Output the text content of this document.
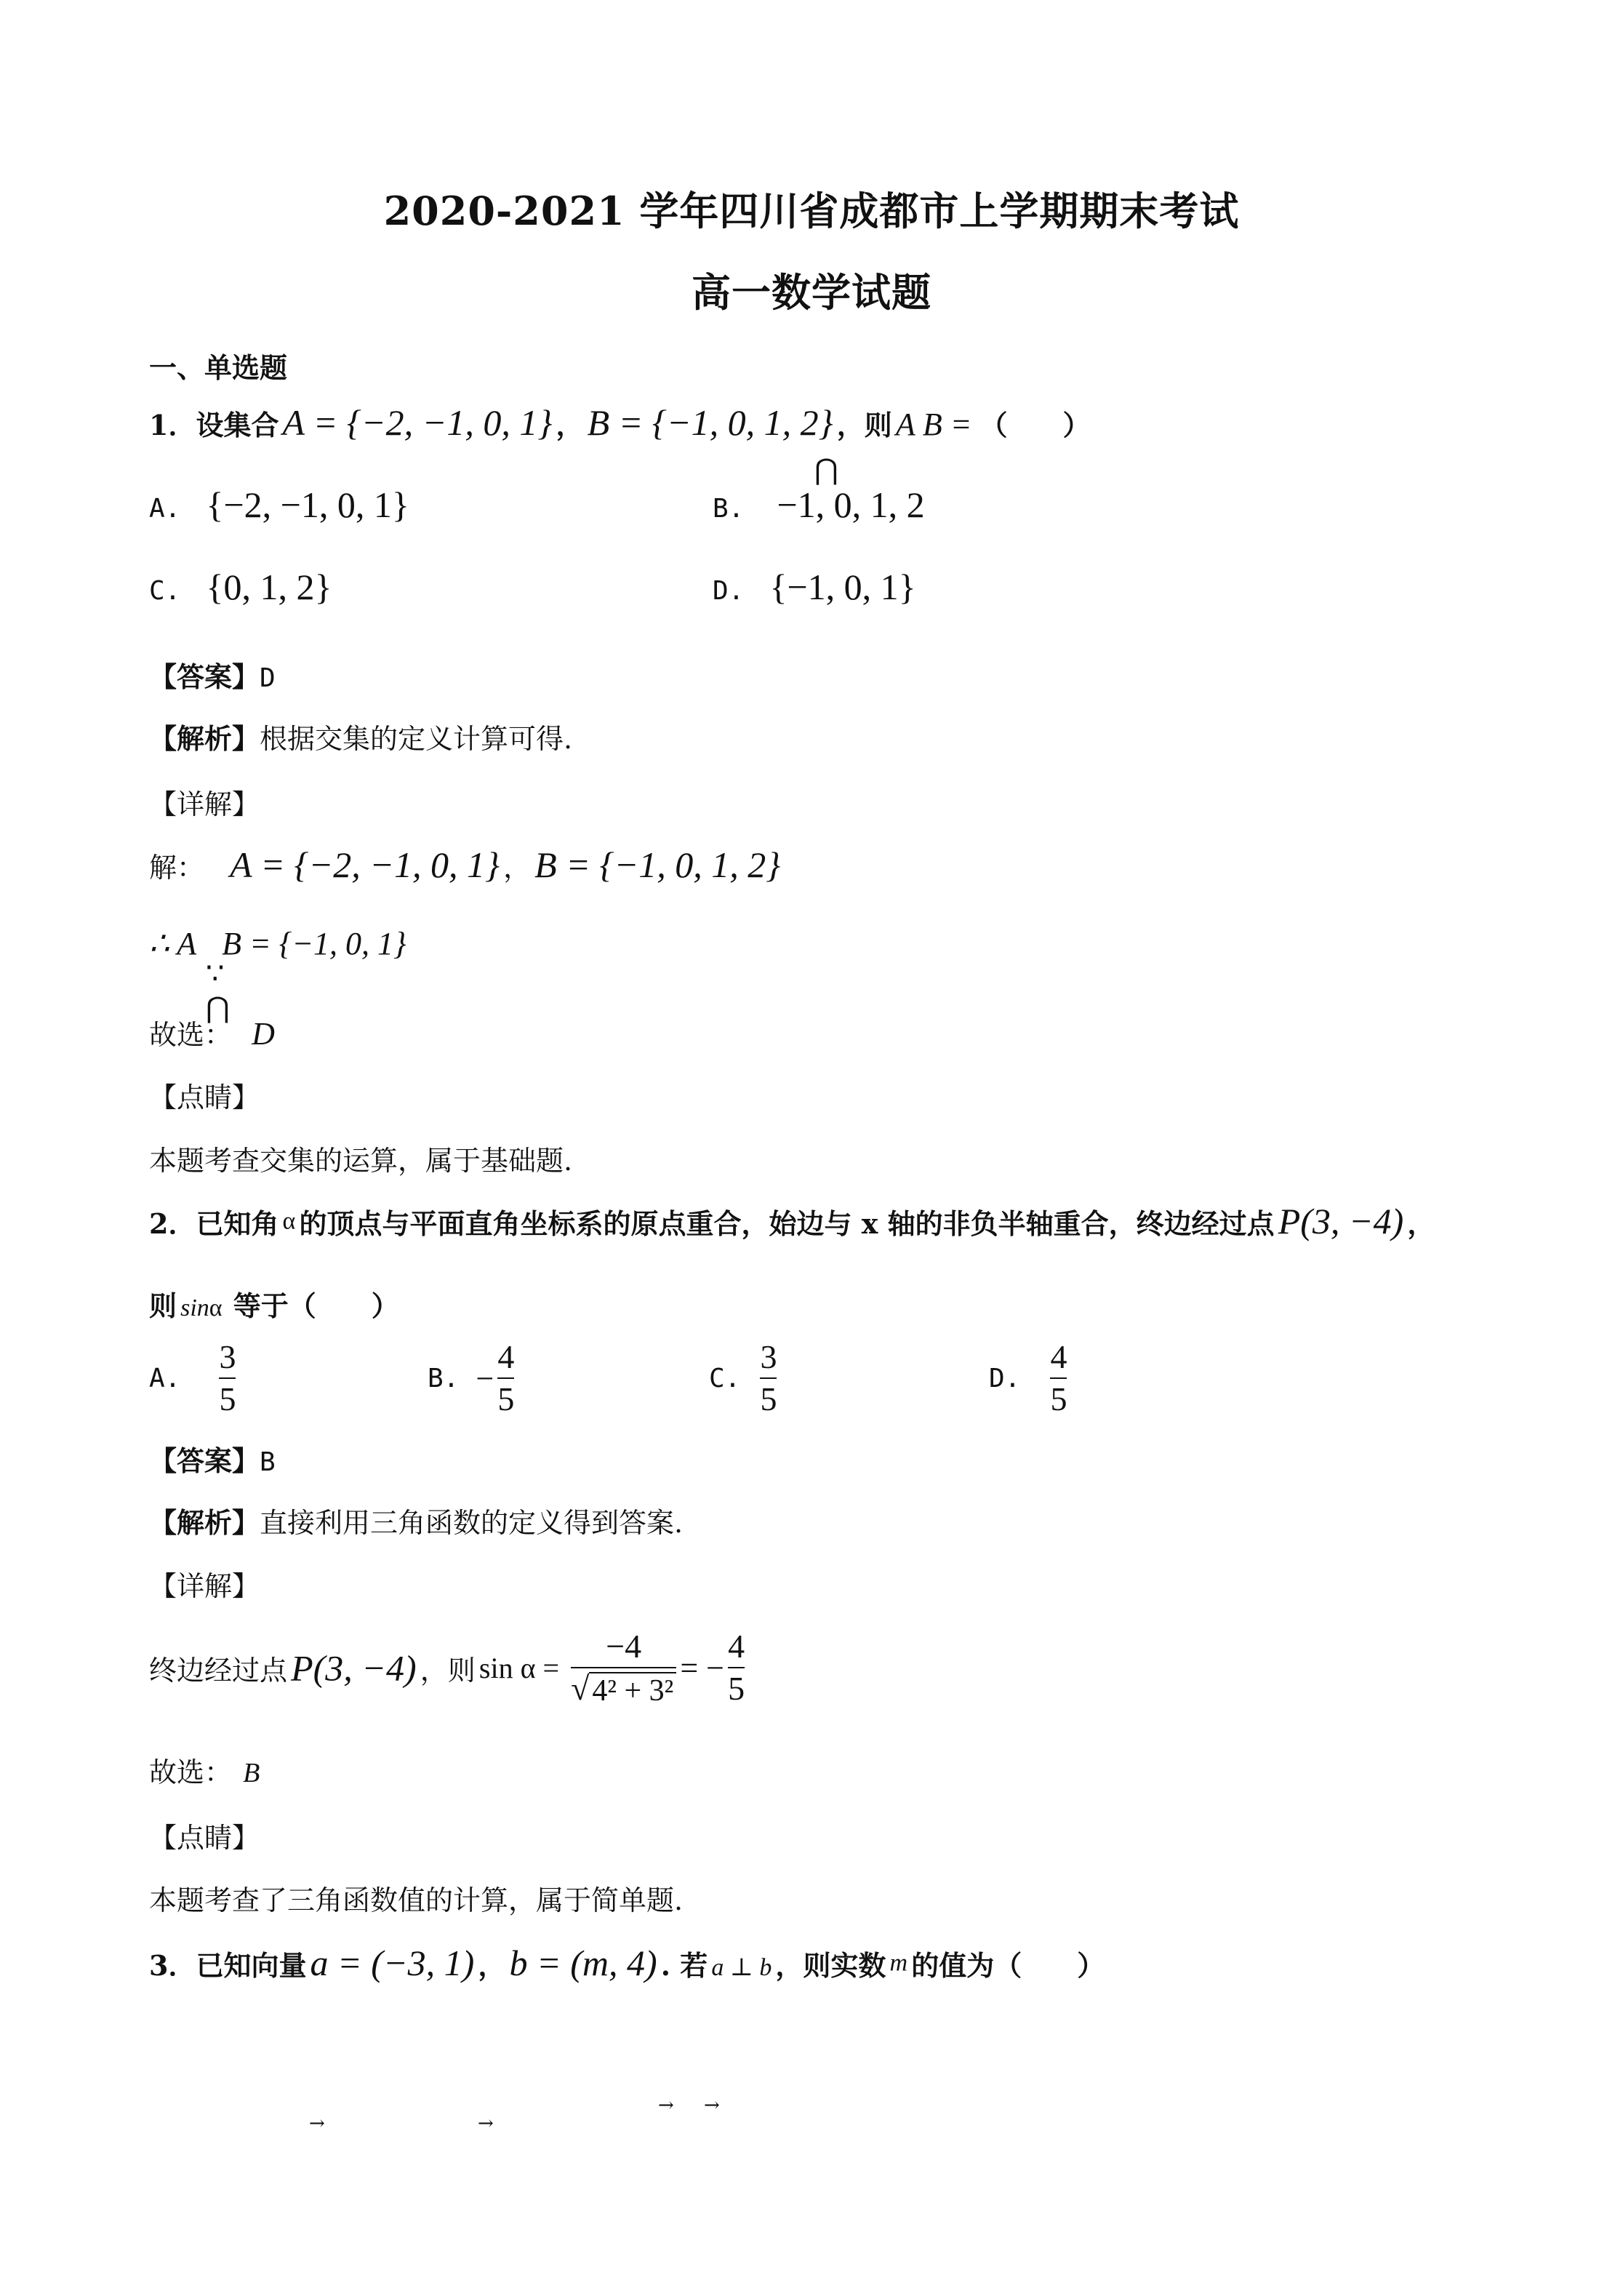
2020-2021 学年四川省成都市上学期期末考试
高一数学试题
一、单选题
1．设集合 A = {−2, −1, 0, 1} ， B = {−1, 0, 1, 2} ，则 A B = （　　）
A. {−2, −1, 0, 1}	B. −1, 0, 1, 2
⋂
C. {0, 1, 2}	D. {−1, 0, 1}
【答案】D
【解析】根据交集的定义计算可得.
【详解】
解： A = {−2, −1, 0, 1} ， B = {−1, 0, 1, 2}
∴ A B = {−1, 0, 1}
∵
故选： D
⋂
【点睛】
本题考查交集的运算，属于基础题.
2．已知角 α 的顶点与平面直角坐标系的原点重合，始边与 x 轴的非负半轴重合，终边经过点 P(3, −4) ，
则 sinα 等于（　　）
A. $\frac{3}{5}$	B. − $\frac{4}{5}$	C. $\frac{3}{5}$	D. $\frac{4}{5}$
【答案】B
【解析】直接利用三角函数的定义得到答案.
【详解】
终边经过点 P(3, −4) ，则 $\sin \alpha = \frac{-4}{\text{√ 4² + 3²}}$ = − $\frac{4}{5}$
故选： B
【点睛】
本题考查了三角函数值的计算，属于简单题.
3．已知向量 a = (−3, 1) ， b = (m, 4) . 若 a ⊥ b ，则实数 m 的值为（　　）
→	→
→ →
